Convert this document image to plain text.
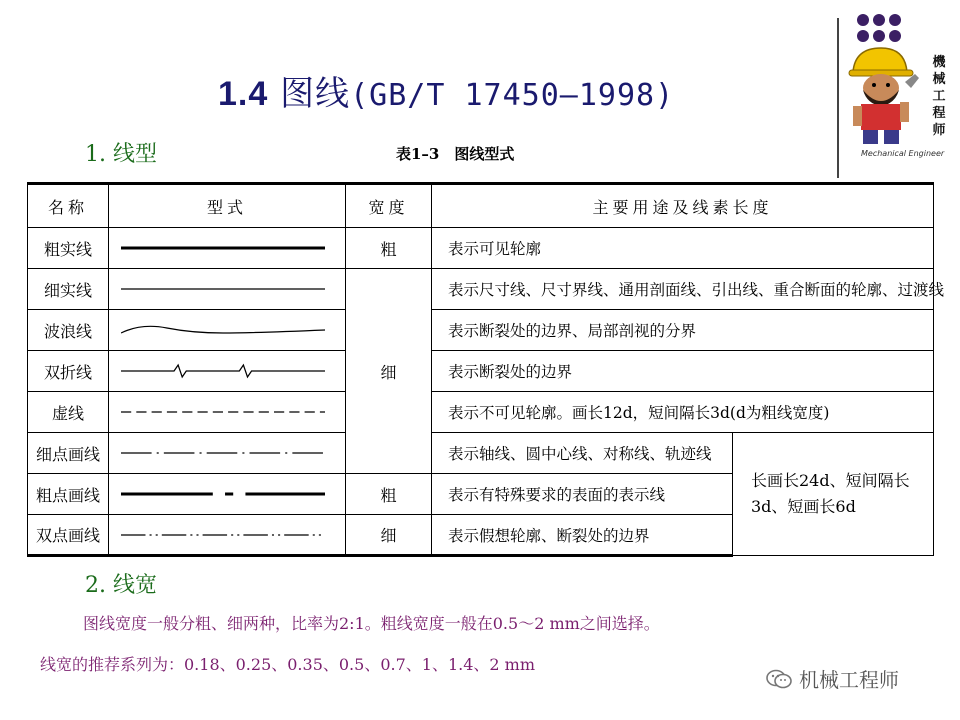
機
械
工
程
师
Mechanical Engineer
1.4 图线(GB/T 17450—1998)
1. 线型	表1–3　图线型式
名称	型式	宽度	主要用途及线素长度	
粗实线		粗	表示可见轮廓	
细实线		细	表示尺寸线、尺寸界线、通用剖面线、引出线、重合断面的轮廓、过渡线	
波浪线			表示断裂处的边界、局部剖视的分界	
双折线			表示断裂处的边界	
虚线			表示不可见轮廓。画长12d，短间隔长3d(d为粗线宽度)	
细点画线			表示轴线、圆中心线、对称线、轨迹线	长画长24d、短间隔长3d、短画长6d
粗点画线		粗	表示有特殊要求的表面的表示线	
双点画线		细	表示假想轮廓、断裂处的边界	
2. 线宽
图线宽度一般分粗、细两种，比率为2:1。粗线宽度一般在0.5～2 mm之间选择。
线宽的推荐系列为：0.18、0.25、0.35、0.5、0.7、1、1.4、2 mm
机械工程师
